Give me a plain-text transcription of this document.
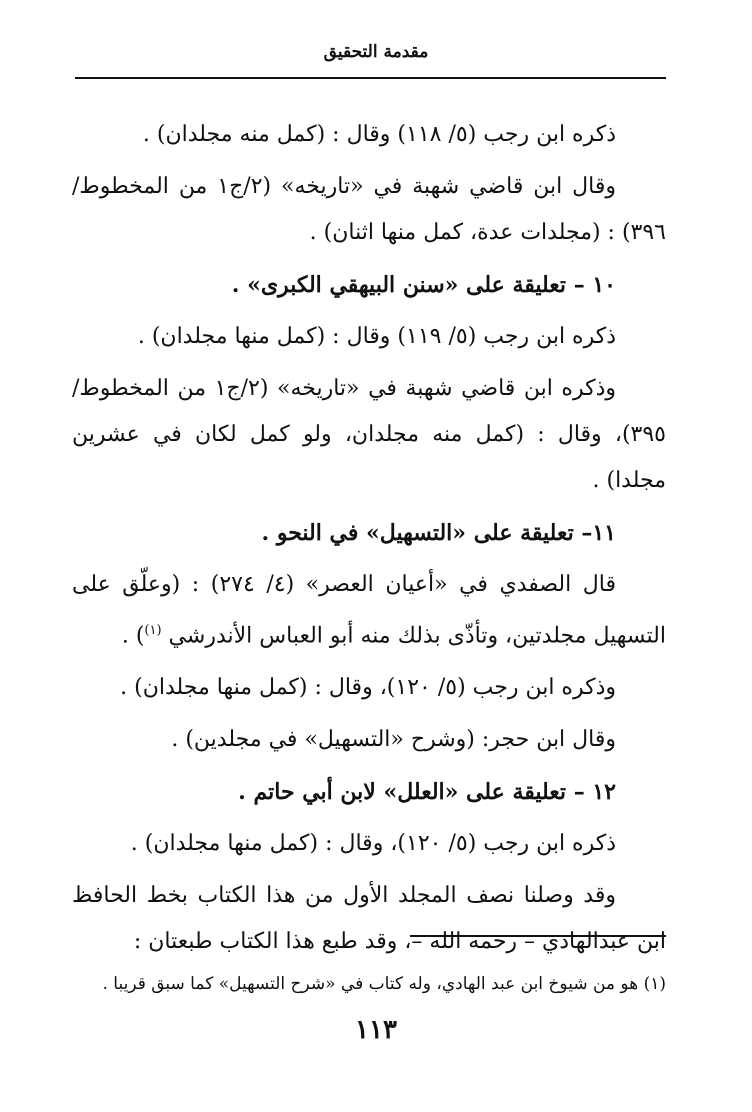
مقدمة التحقيق

ذكره ابن رجب (٥/ ١١٨) وقال : (كمل منه مجلدان) .

وقال ابن قاضي شهبة في «تاريخه» (٢/ج١ من المخطوط/ ٣٩٦) : (مجلدات عدة، كمل منها اثنان) .

١٠ – تعليقة على «سنن البيهقي الكبرى» .

ذكره ابن رجب (٥/ ١١٩) وقال : (كمل منها مجلدان) .

وذكره ابن قاضي شهبة في «تاريخه» (٢/ج١ من المخطوط/ ٣٩٥)، وقال : (كمل منه مجلدان، ولو كمل لكان في عشرين مجلدا) .

١١– تعليقة على «التسهيل» في النحو .

قال الصفدي في «أعيان العصر» (٤/ ٢٧٤) : (وعلّق على التسهيل مجلدتين، وتأذّى بذلك منه أبو العباس الأندرشي $^{(١)}$) .

وذكره ابن رجب (٥/ ١٢٠)، وقال : (كمل منها مجلدان) .

وقال ابن حجر: (وشرح «التسهيل» في مجلدين) .

١٢ – تعليقة على «العلل» لابن أبي حاتم .

ذكره ابن رجب (٥/ ١٢٠)، وقال : (كمل منها مجلدان) .

وقد وصلنا نصف المجلد الأول من هذا الكتاب بخط الحافظ ابن عبدالهادي – رحمه الله –، وقد طبع هذا الكتاب طبعتان :

(١) هو من شيوخ ابن عبد الهادي، وله كتاب في «شرح التسهيل» كما سبق قريبا .
١١٣
